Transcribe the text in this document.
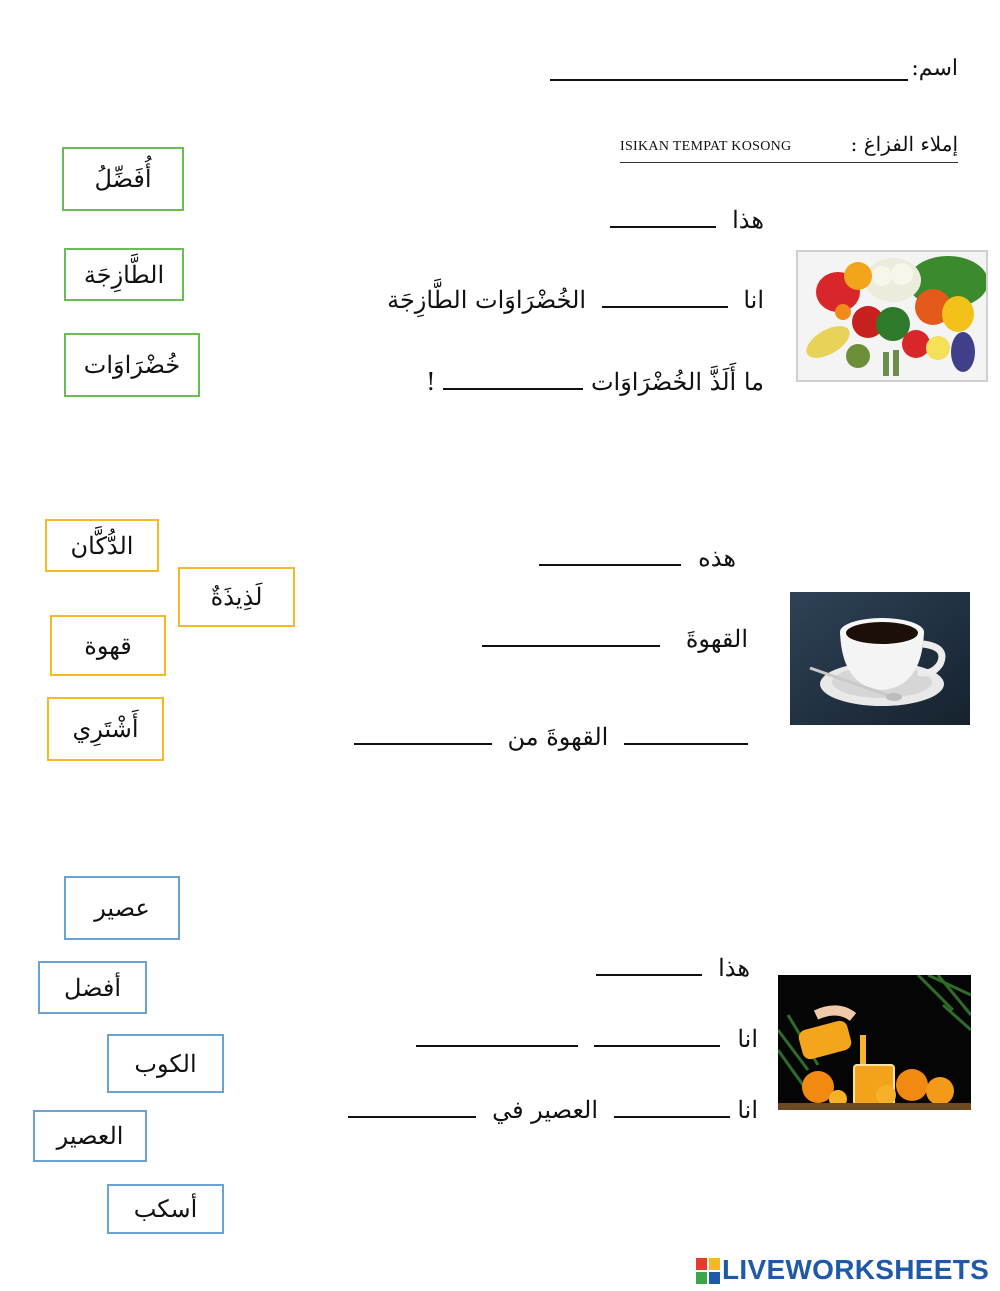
اسم:
إملاء الفزاغ :
ISIKAN TEMPAT KOSONG
أُفَضِّلُ
الطَّازِجَة
خُضْرَاوَات
هذا
انا  الخُضْرَاوَات الطَّازِجَة
ما أَلَذَّ الخُضْرَاوَات  !
الدُّكَّان
لَذِيذَةٌ
قهوة
أَشْتَرِي
هذه
القهوةَ
القهوةَ من
عصير
أفضل
الكوب
العصير
أسكب
هذا
انا
انا  العصير في
LIVEWORKSHEETS
